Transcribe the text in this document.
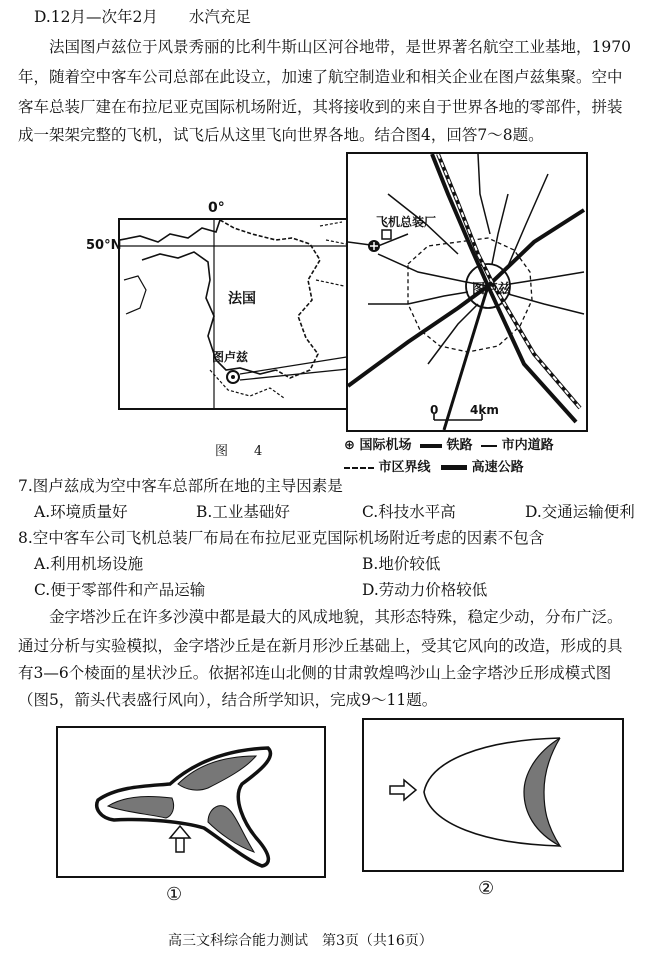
D.12月—次年2月　　水汽充足
　　法国图卢兹位于风景秀丽的比利牛斯山区河谷地带，是世界著名航空工业基地，1970
年，随着空中客车公司总部在此设立，加速了航空制造业和相关企业在图卢兹集聚。空中
客车总装厂建在布拉尼亚克国际机场附近，其将接收到的来自于世界各地的零部件，拼装
成一架架完整的飞机，试飞后从这里飞向世界各地。结合图4，回答7～8题。
0°
50°N
法国
图卢兹
飞机总装厂
图卢兹
0	4km
图　　4	⊕ 国际机场	铁路 市内道路
市区界线	高速公路
7.图卢兹成为空中客车总部所在地的主导因素是
A.环境质量好	B.工业基础好	C.科技水平高	D.交通运输便利
8.空中客车公司飞机总装厂布局在布拉尼亚克国际机场附近考虑的因素不包含
A.利用机场设施	B.地价较低
C.便于零部件和产品运输	D.劳动力价格较低
　　金字塔沙丘在许多沙漠中都是最大的风成地貌，其形态特殊，稳定少动，分布广泛。
通过分析与实验模拟，金字塔沙丘是在新月形沙丘基础上，受其它风向的改造，形成的具
有3—6个棱面的星状沙丘。依据祁连山北侧的甘肃敦煌鸣沙山上金字塔沙丘形成模式图
（图5，箭头代表盛行风向），结合所学知识，完成9～11题。
①	②
高三文科综合能力测试　第3页（共16页）
